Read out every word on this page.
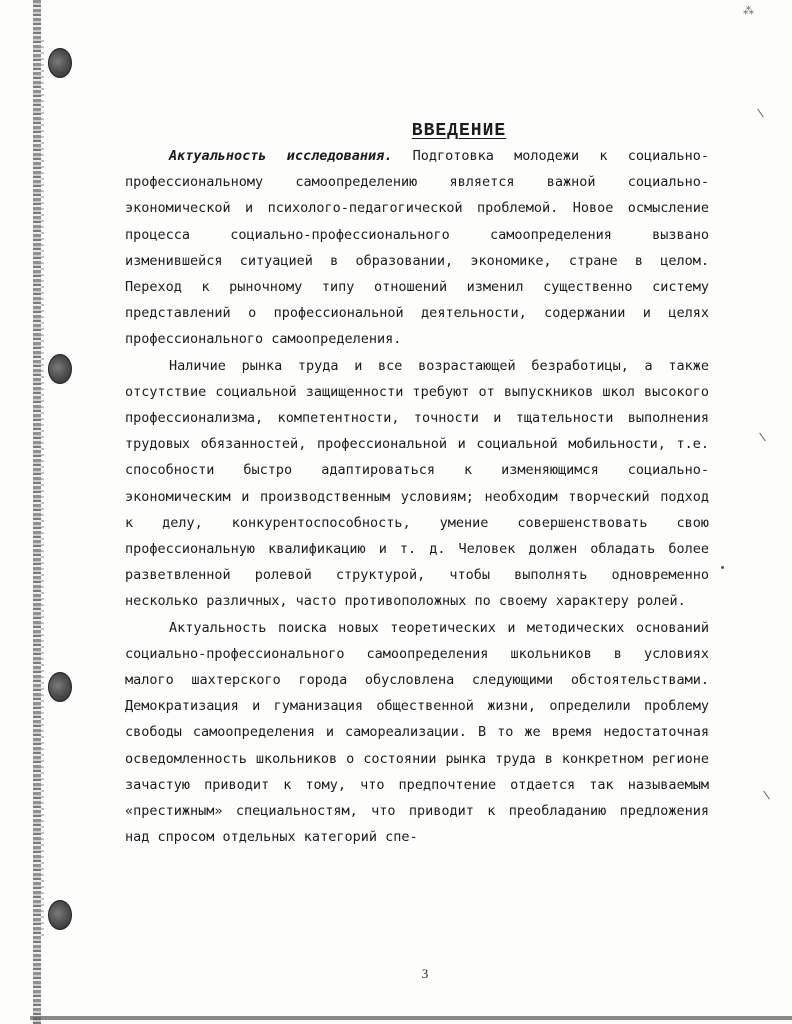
⁂
ВВЕДЕНИЕ

Актуальность исследования. Подготовка молодежи к социально-профессиональному самоопределению является важной социально-экономической и психолого-педагогической проблемой. Новое осмысление процесса социально-профессионального самоопределения вызвано изменившейся ситуацией в образовании, экономике, стране в целом. Переход к рыночному типу отношений изменил существенно систему представлений о профессиональной деятельности, содержании и целях профессионального самоопределения.

Наличие рынка труда и все возрастающей безработицы, а также отсутствие социальной защищенности требуют от выпускников школ высокого профессионализма, компетентности, точности и тщательности выполнения трудовых обязанностей, профессиональной и социальной мобильности, т.е. способности быстро адаптироваться к изменяющимся социально-экономическим и производственным условиям; необходим творческий подход к делу, конкурентоспособность, умение совершенствовать свою профессиональную квалификацию и т. д. Человек должен обладать более разветвленной ролевой структурой, чтобы выполнять одновременно несколько различных, часто противоположных по своему характеру ролей.

Актуальность поиска новых теоретических и методических оснований социально-профессионального самоопределения школьников в условиях малого шахтерского города обусловлена следующими обстоятельствами. Демократизация и гуманизация общественной жизни, определили проблему свободы самоопределения и самореализации. В то же время недостаточная осведомленность школьников о состоянии рынка труда в конкретном регионе зачастую приводит к тому, что предпочтение отдается так называемым «престижным» специальностям, что приводит к преобладанию предложения над спросом отдельных категорий спе-

3
